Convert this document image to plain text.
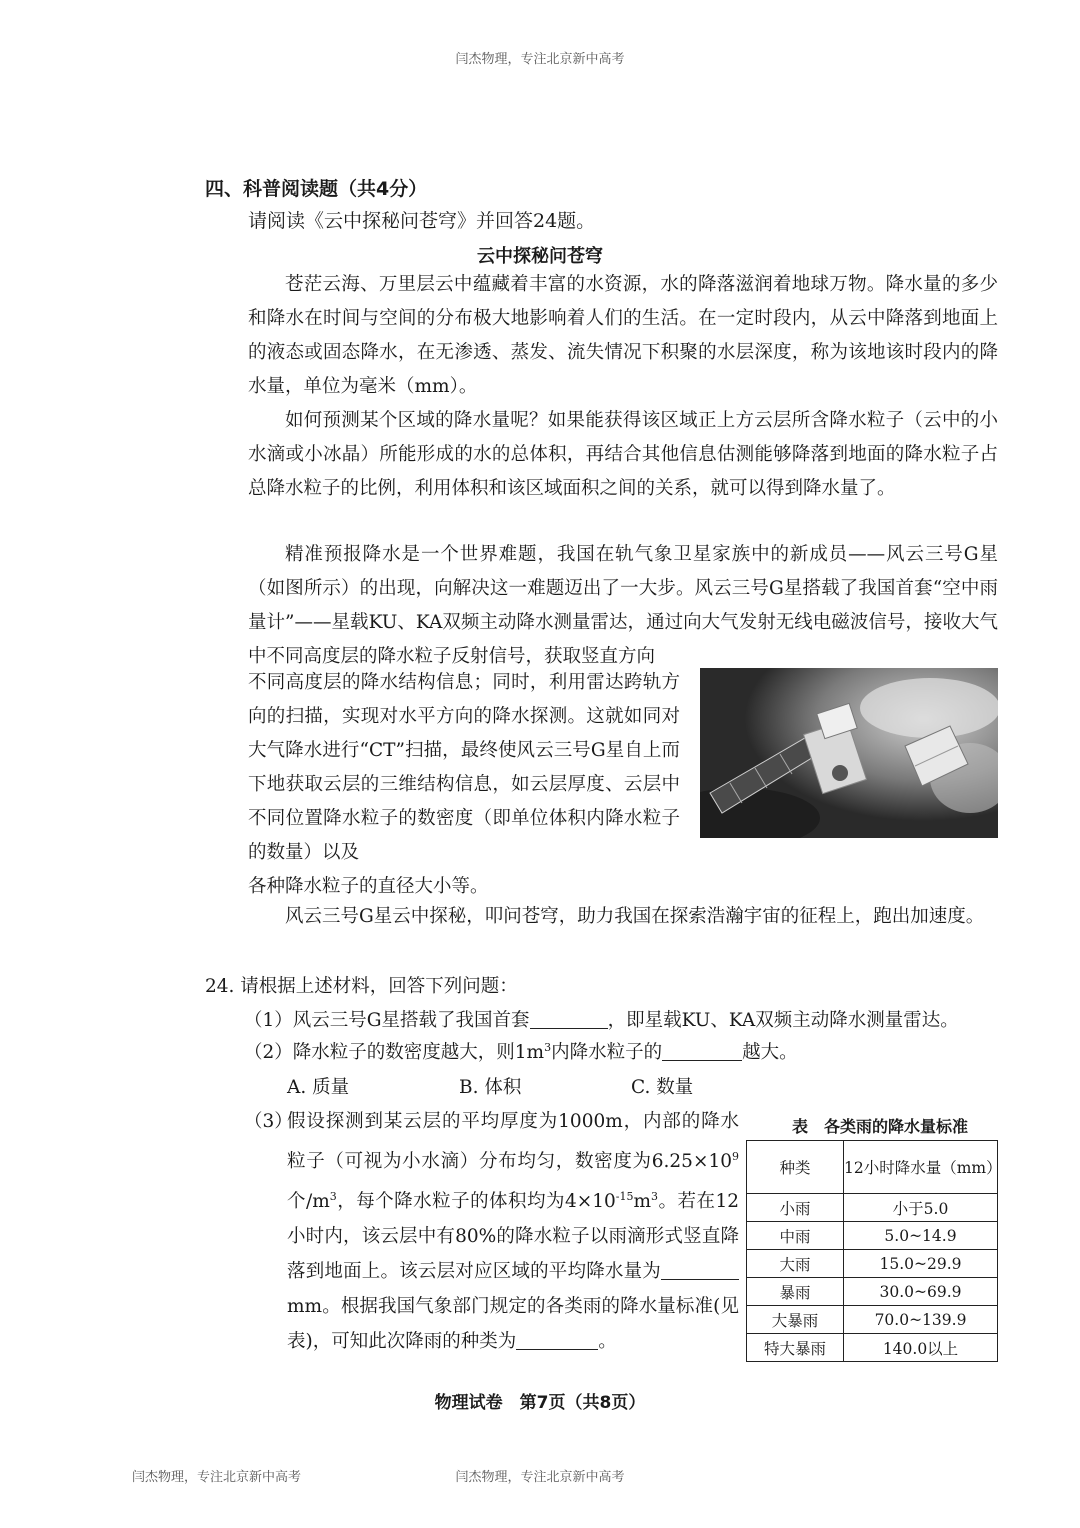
闫杰物理，专注北京新中高考
四、科普阅读题（共4分）
请阅读《云中探秘问苍穹》并回答24题。
云中探秘问苍穹

苍茫云海、万里层云中蕴藏着丰富的水资源，水的降落滋润着地球万物。降水量的多少和降水在时间与空间的分布极大地影响着人们的生活。在一定时段内，从云中降落到地面上的液态或固态降水，在无渗透、蒸发、流失情况下积聚的水层深度，称为该地该时段内的降水量，单位为毫米（mm）。

如何预测某个区域的降水量呢？如果能获得该区域正上方云层所含降水粒子（云中的小水滴或小冰晶）所能形成的水的总体积，再结合其他信息估测能够降落到地面的降水粒子占总降水粒子的比例，利用体积和该区域面积之间的关系，就可以得到降水量了。

精准预报降水是一个世界难题，我国在轨气象卫星家族中的新成员——风云三号G星（如图所示）的出现，向解决这一难题迈出了一大步。风云三号G星搭载了我国首套“空中雨量计”——星载KU、KA双频主动降水测量雷达，通过向大气发射无线电磁波信号，接收大气中不同高度层的降水粒子反射信号，获取竖直方向

不同高度层的降水结构信息；同时，利用雷达跨轨方向的扫描，实现对水平方向的降水探测。这就如同对大气降水进行“CT”扫描，最终使风云三号G星自上而下地获取云层的三维结构信息，如云层厚度、云层中不同位置降水粒子的数密度（即单位体积内降水粒子的数量）以及

各种降水粒子的直径大小等。

风云三号G星云中探秘，叩问苍穹，助力我国在探索浩瀚宇宙的征程上，跑出加速度。

24. 请根据上述材料，回答下列问题：
（1）风云三号G星搭载了我国首套	，即星载KU、KA双频主动降水测量雷达。
（2）降水粒子的数密度越大，则$1m^3$内降水粒子的	越大。
A. 质量	B. 体积	C. 数量
（3）
假设探测到某云层的平均厚度为1000m，内部的降水粒子（可视为小水滴）分布均匀，数密度为$6.25\times 10^9$个$/m^3$，每个降水粒子的体积均为$4\times 10^{-15}m^3$。若在12小时内，该云层中有80%的降水粒子以雨滴形式竖直降落到地面上。该云层对应区域的平均降水量为 mm。根据我国气象部门规定的各类雨的降水量标准(见表)，可知此次降雨的种类为	。
表　各类雨的降水量标准
种类	12小时降水量（mm）
小雨	小于5.0
中雨	5.0~14.9
大雨	15.0~29.9
暴雨	30.0~69.9
大暴雨	70.0~139.9
特大暴雨	140.0以上
物理试卷　第7页（共8页）
闫杰物理，专注北京新中高考	闫杰物理，专注北京新中高考
